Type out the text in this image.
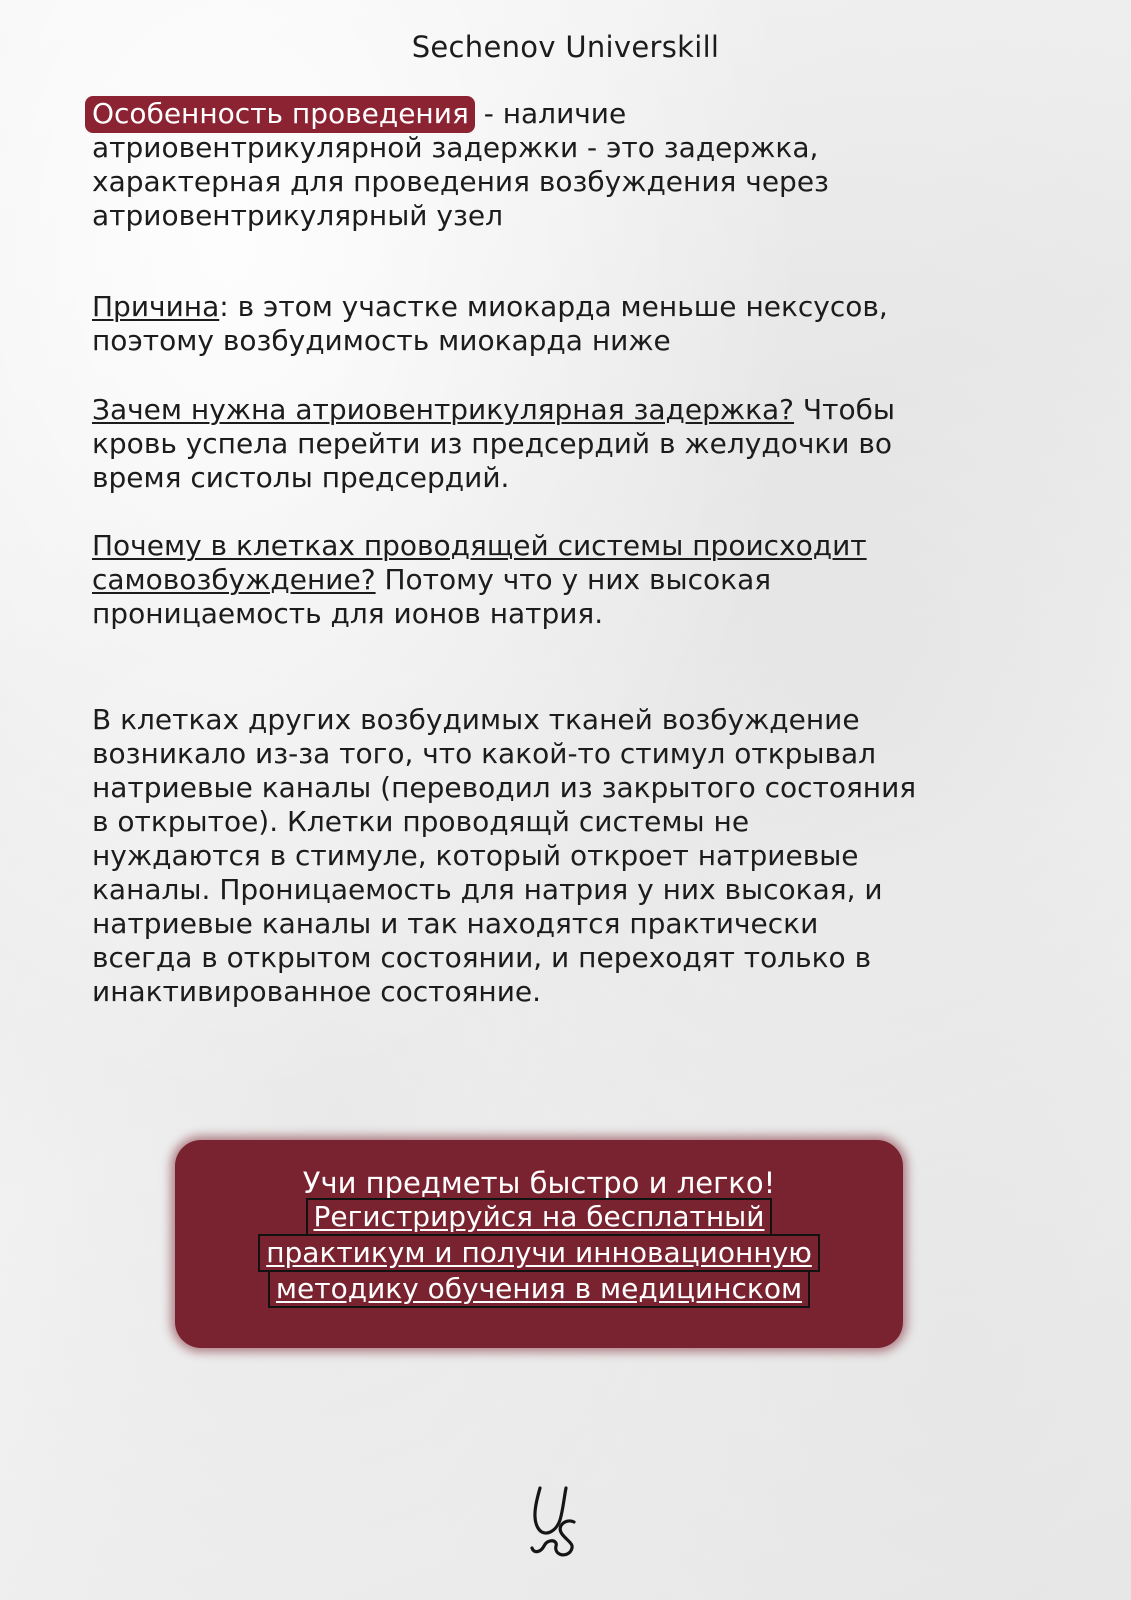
Sechenov Universkill
Особенность проведения - наличие
атриовентрикулярной задержки - это задержка,
характерная для проведения возбуждения через
атриовентрикулярный узел
Причина: в этом участке миокарда меньше нексусов,
поэтому возбудимость миокарда ниже
Зачем нужна атриовентрикулярная задержка? Чтобы
кровь успела перейти из предсердий в желудочки во
время систолы предсердий.
Почему в клетках проводящей системы происходит
самовозбуждение? Потому что у них высокая
проницаемость для ионов натрия.
В клетках других возбудимых тканей возбуждение
возникало из-за того, что какой-то стимул открывал
натриевые каналы (переводил из закрытого состояния
в открытое). Клетки проводящй системы не
нуждаются в стимуле, который откроет натриевые
каналы. Проницаемость для натрия у них высокая, и
натриевые каналы и так находятся практически
всегда в открытом состоянии, и переходят только в
инактивированное состояние.
Учи предметы быстро и легко!
Регистрируйся на бесплатный
практикум и получи инновационную
методику обучения в медицинском
